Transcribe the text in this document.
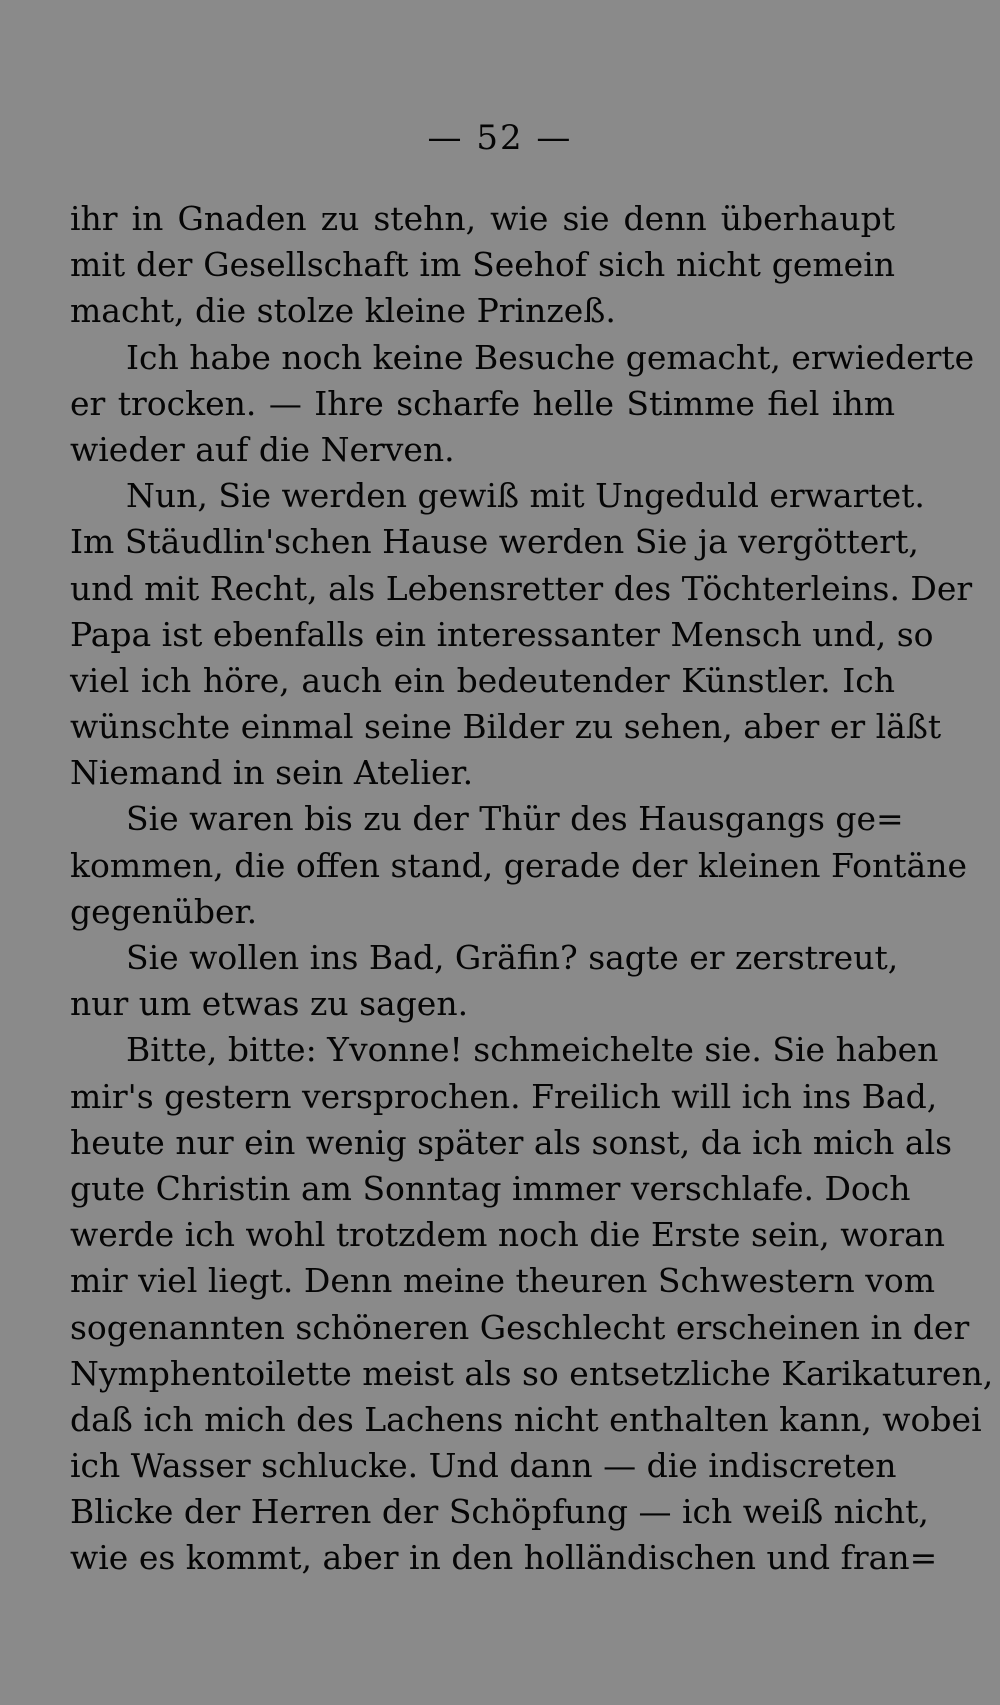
— 52 —
ihr in Gnaden zu stehn, wie sie denn überhaupt
mit der Gesellschaft im Seehof sich nicht gemein
macht, die stolze kleine Prinzeß.
Ich habe noch keine Besuche gemacht, erwiederte
er trocken. — Ihre scharfe helle Stimme fiel ihm
wieder auf die Nerven.
Nun, Sie werden gewiß mit Ungeduld erwartet.
Im Stäudlin'schen Hause werden Sie ja vergöttert,
und mit Recht, als Lebensretter des Töchterleins. Der
Papa ist ebenfalls ein interessanter Mensch und, so
viel ich höre, auch ein bedeutender Künstler. Ich
wünschte einmal seine Bilder zu sehen, aber er läßt
Niemand in sein Atelier.
Sie waren bis zu der Thür des Hausgangs ge=
kommen, die offen stand, gerade der kleinen Fontäne
gegenüber.
Sie wollen ins Bad, Gräfin? sagte er zerstreut,
nur um etwas zu sagen.
Bitte, bitte: Yvonne! schmeichelte sie. Sie haben
mir's gestern versprochen. Freilich will ich ins Bad,
heute nur ein wenig später als sonst, da ich mich als
gute Christin am Sonntag immer verschlafe. Doch
werde ich wohl trotzdem noch die Erste sein, woran
mir viel liegt. Denn meine theuren Schwestern vom
sogenannten schöneren Geschlecht erscheinen in der
Nymphentoilette meist als so entsetzliche Karikaturen,
daß ich mich des Lachens nicht enthalten kann, wobei
ich Wasser schlucke. Und dann — die indiscreten
Blicke der Herren der Schöpfung — ich weiß nicht,
wie es kommt, aber in den holländischen und fran=
